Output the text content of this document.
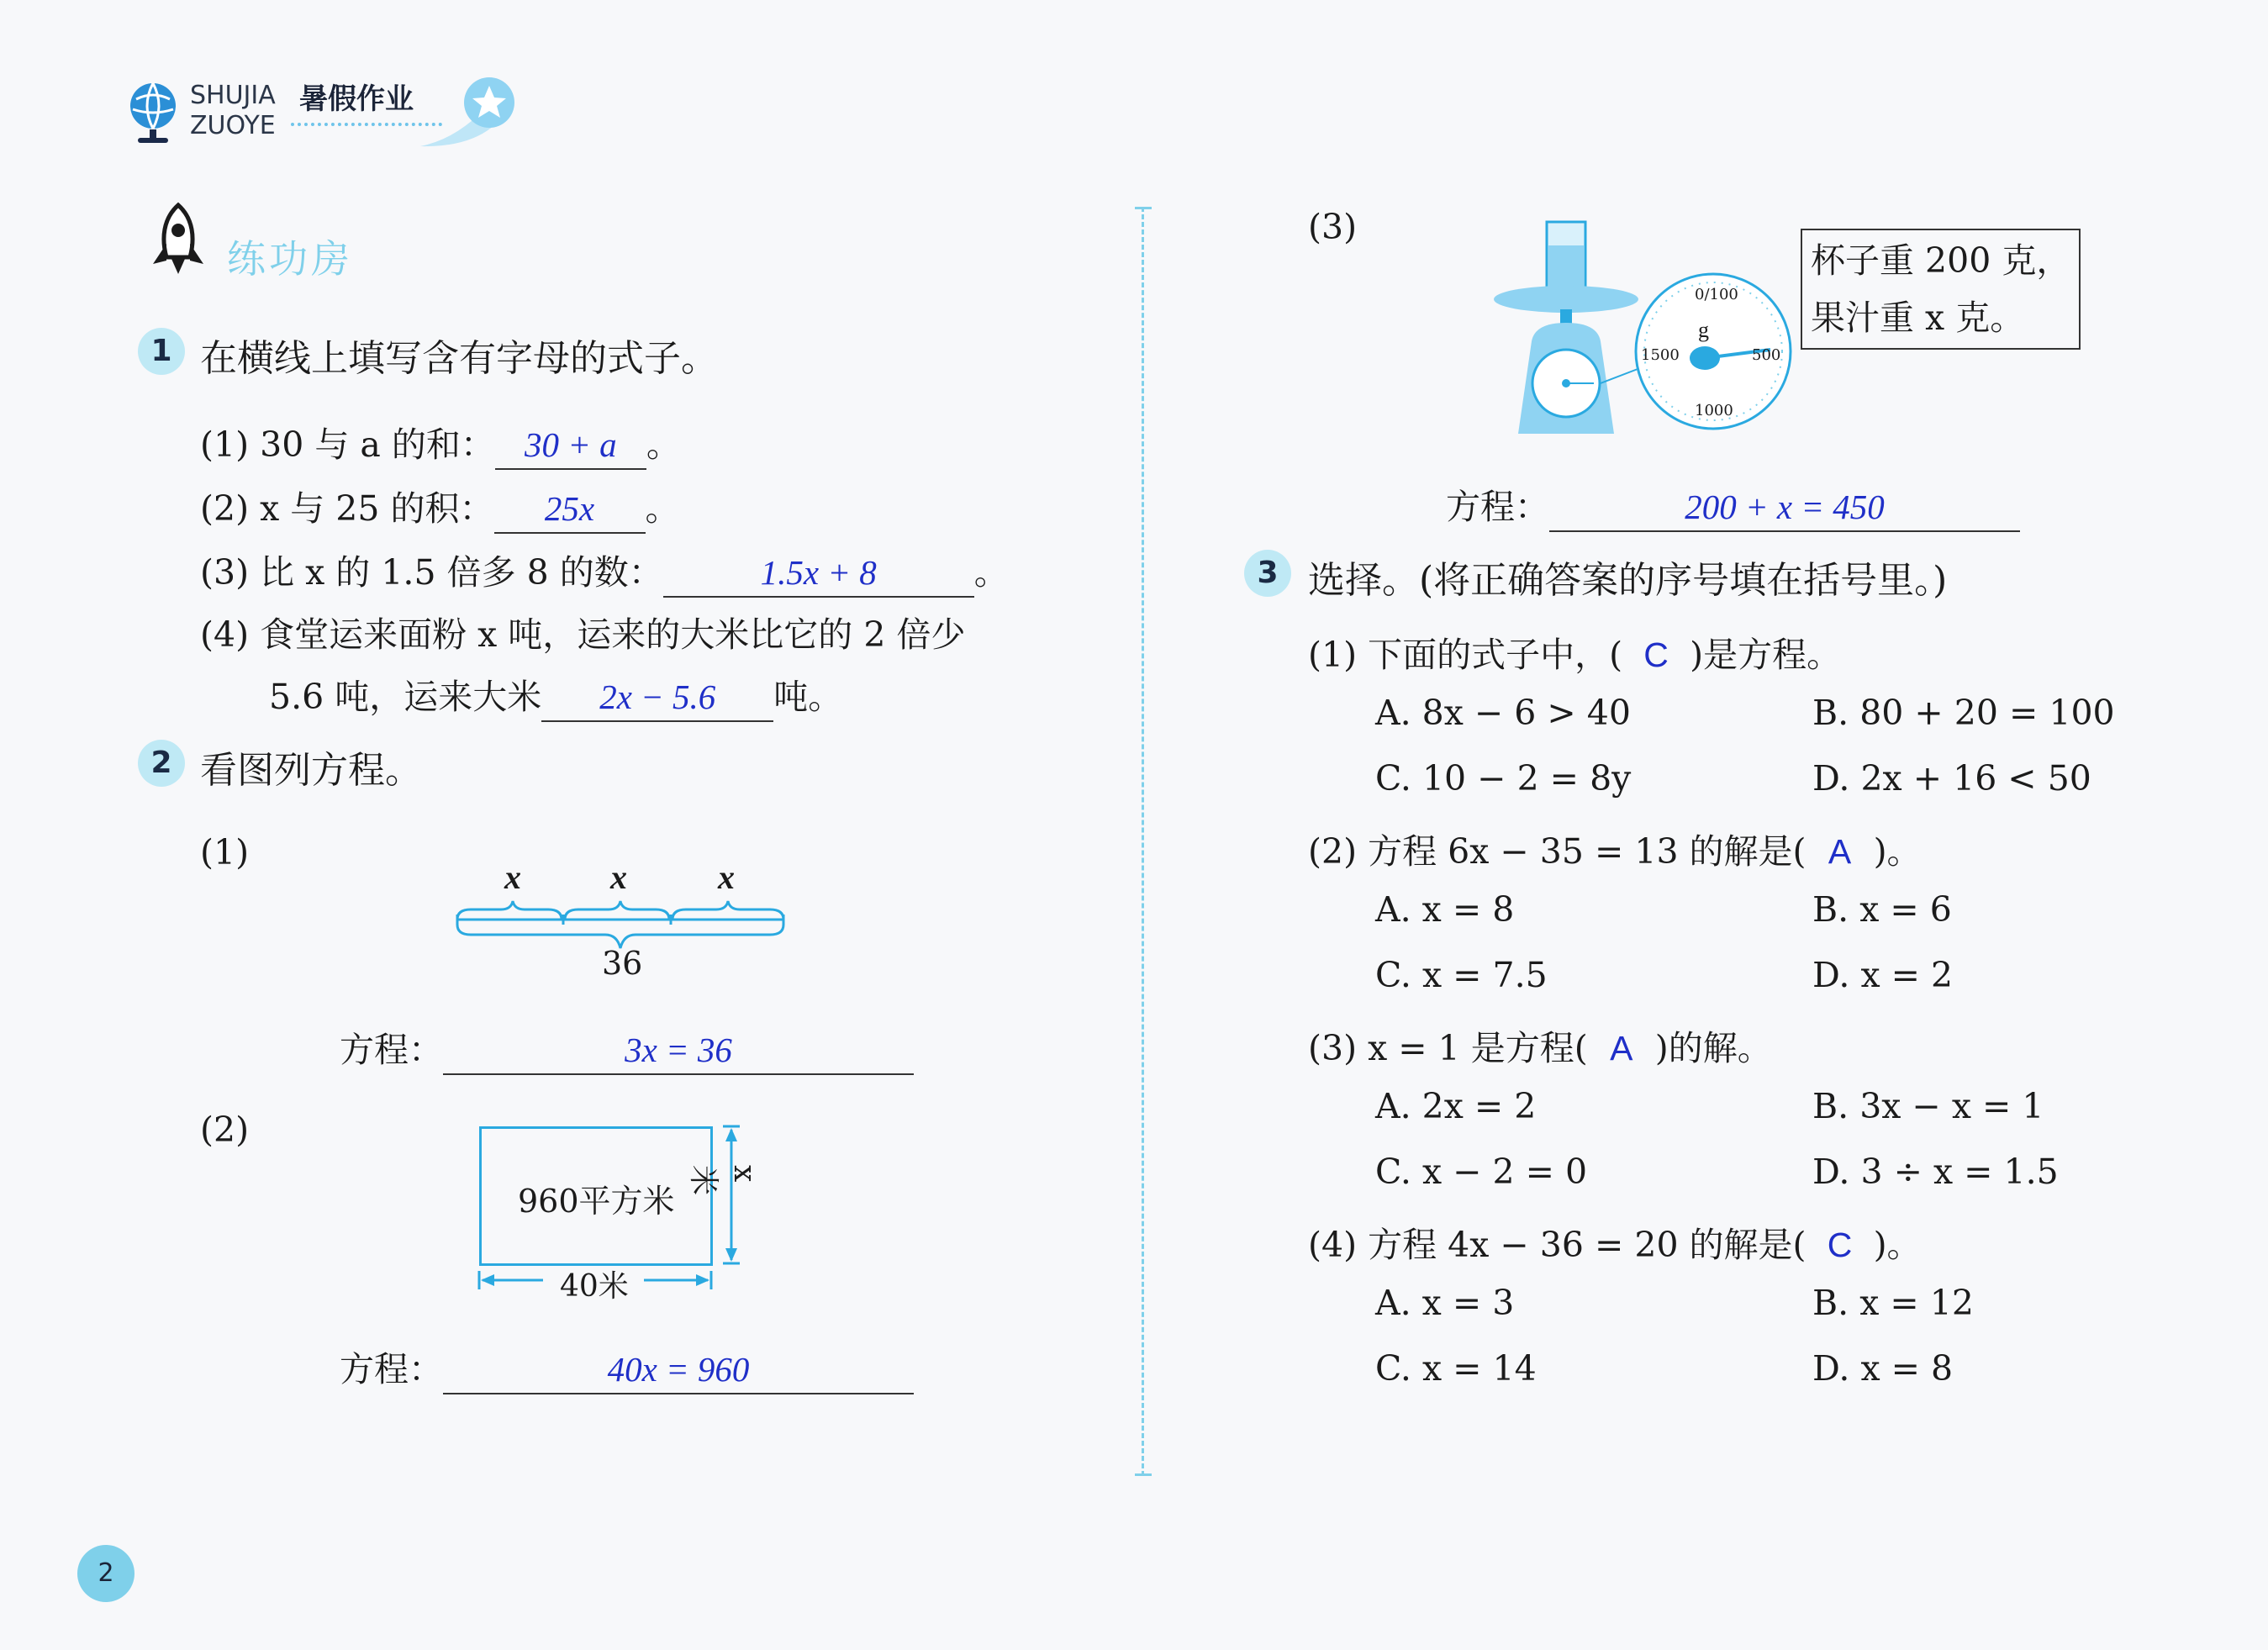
SHUJIA 暑假作业
ZUOYE
练功房
1 在横线上填写含有字母的式子。
(1) 30 与 a 的和： 30 + a 。
(2) x 与 25 的积： 25x 。
(3) 比 x 的 1.5 倍多 8 的数：	1.5x + 8	。
(4) 食堂运来面粉 x 吨，运来的大米比它的 2 倍少
5.6 吨，运来大米 2x − 5.6 吨。
2 看图列方程。
(1)
x	x	x
36
方程：	3x = 36
(2)
960平方米
x米
40米
方程：	40x = 960
(3)
g
0/100
500
1000
1500
杯子重 200 克，
果汁重 x 克。
方程：	200 + x = 450
3 选择。(将正确答案的序号填在括号里。)
(1) 下面的式子中，( C )是方程。
A. 8x − 6 > 40	B. 80 + 20 = 100
C. 10 − 2 = 8y	D. 2x + 16 < 50
(2) 方程 6x − 35 = 13 的解是( A )。
A. x = 8	B. x = 6
C. x = 7.5	D. x = 2
(3) x = 1 是方程( A )的解。
A. 2x = 2	B. 3x − x = 1
C. x − 2 = 0	D. 3 ÷ x = 1.5
(4) 方程 4x − 36 = 20 的解是( C )。
A. x = 3	B. x = 12
C. x = 14	D. x = 8
2
